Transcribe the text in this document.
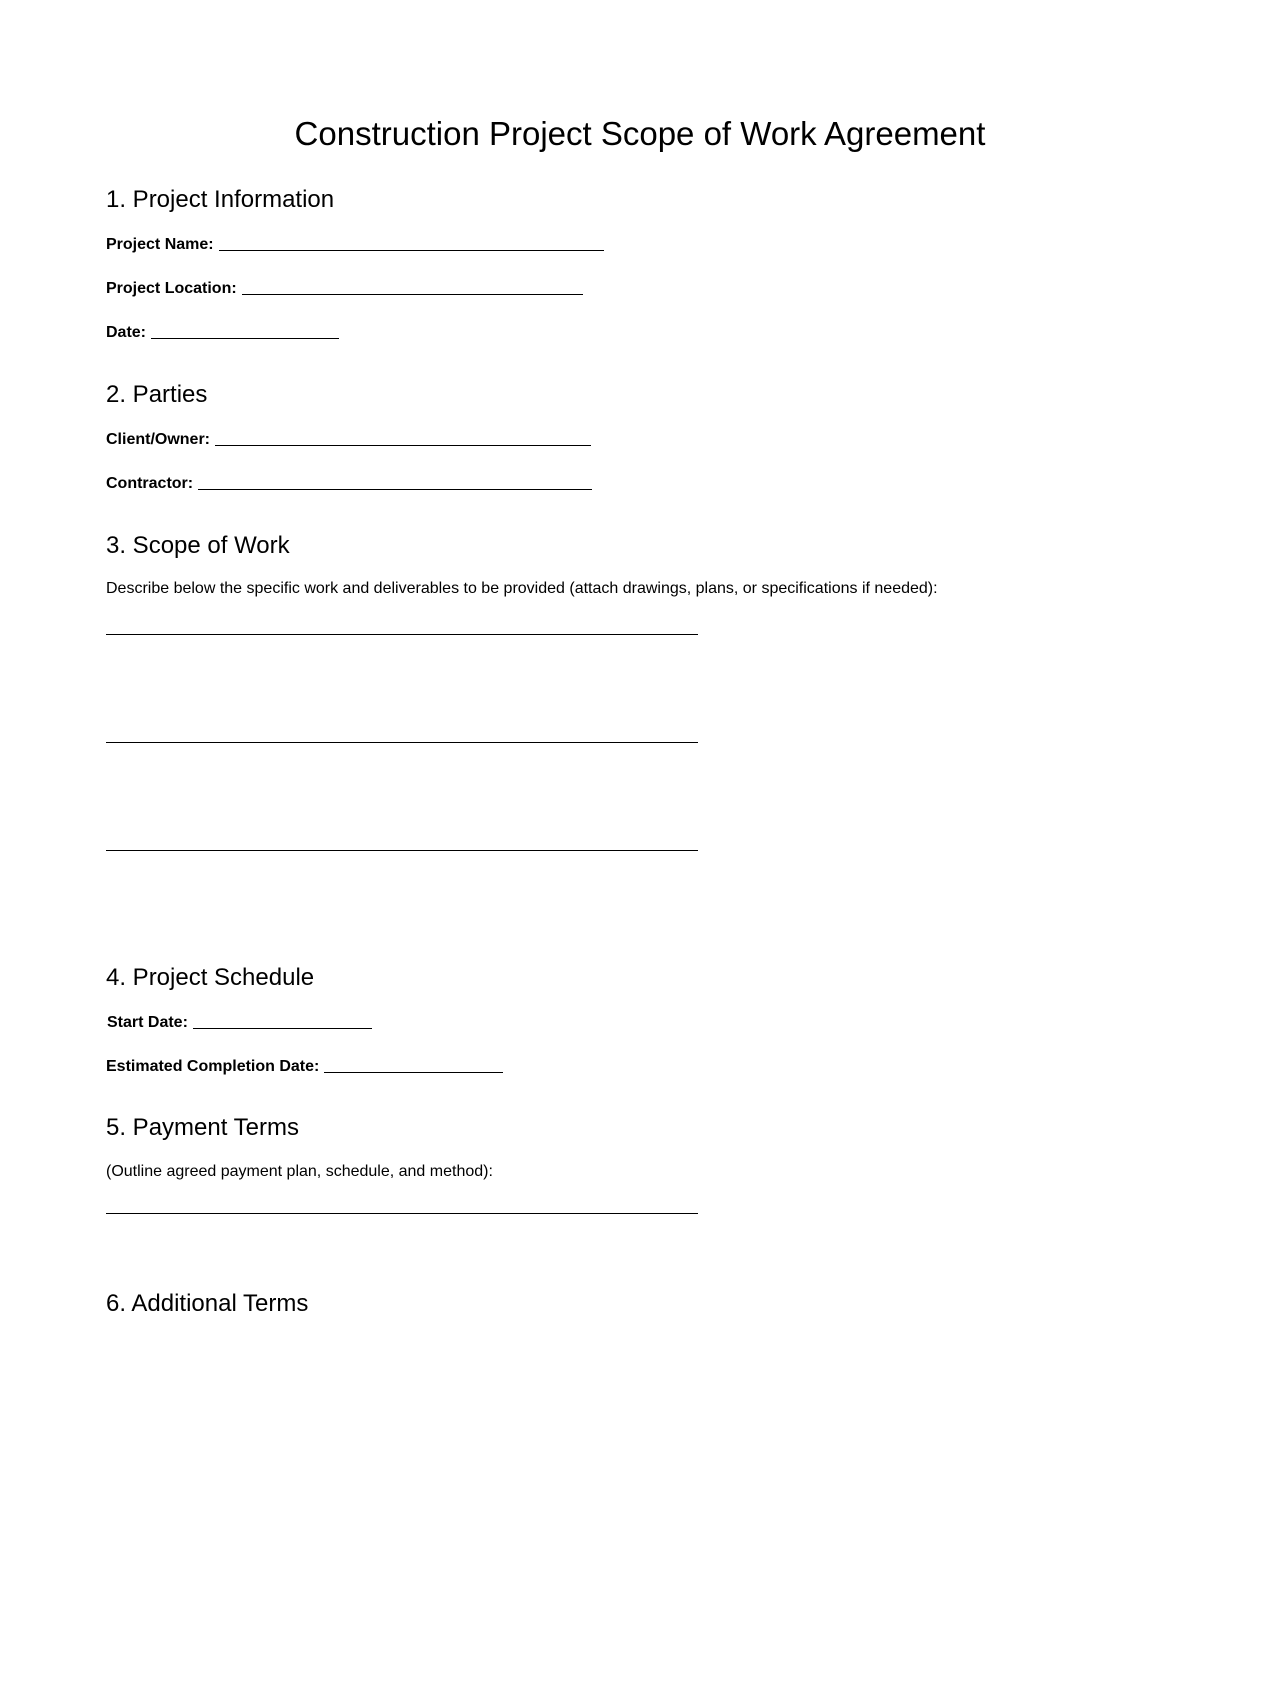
Construction Project Scope of Work Agreement
1. Project Information
Project Name:
Project Location:
Date:
2. Parties
Client/Owner:
Contractor:
3. Scope of Work
Describe below the specific work and deliverables to be provided (attach drawings, plans, or specifications if needed):
4. Project Schedule
Start Date:
Estimated Completion Date:
5. Payment Terms
(Outline agreed payment plan, schedule, and method):
6. Additional Terms
